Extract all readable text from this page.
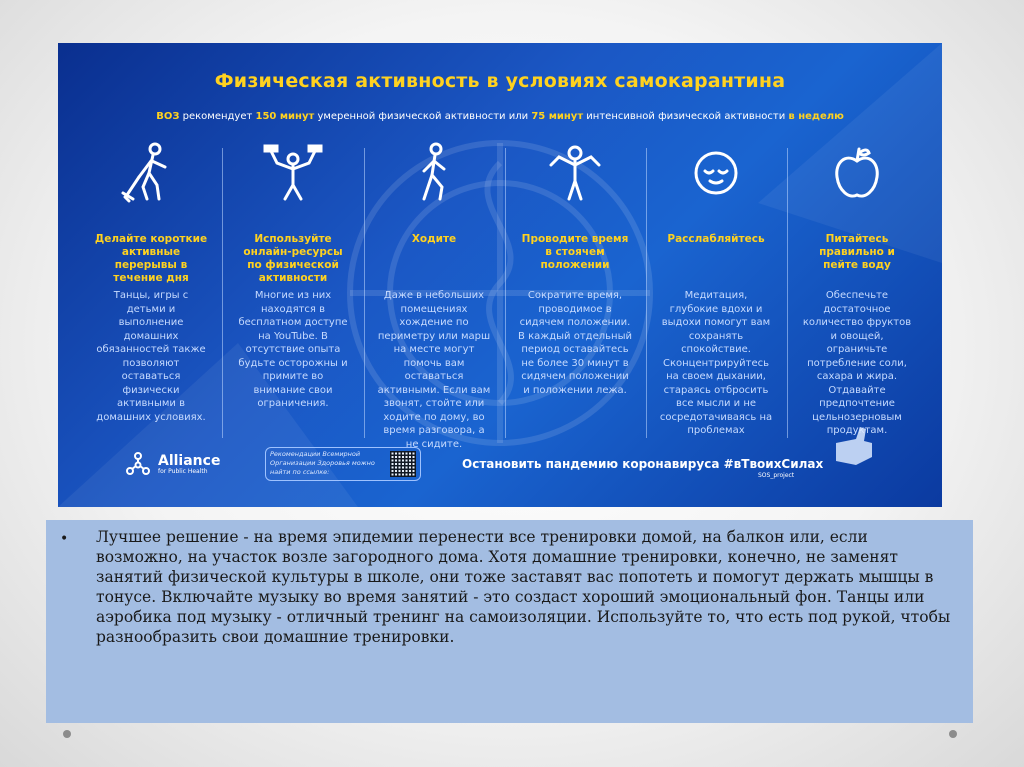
Физическая активность в условиях самокарантина
ВОЗ рекомендует 150 минут умеренной физической активности или 75 минут интенсивной физической активности в неделю
Делайте короткие активные перерывы в течение дня
Танцы, игры с детьми и выполнение домашних обязанностей также позволяют оставаться физически активными в домашних условиях.
Используйте онлайн-ресурсы по физической активности
Многие из них находятся в бесплатном доступе на YouTube. В отсутствие опыта будьте осторожны и примите во внимание свои ограничения.
Ходите
Даже в небольших помещениях хождение по периметру или марш на месте могут помочь вам оставаться активными. Если вам звонят, стойте или ходите по дому, во время разговора, а не сидите.
Проводите время в стоячем положении
Сократите время, проводимое в сидячем положении. В каждый отдельный период оставайтесь не более 30 минут в сидячем положении и положении лежа.
Расслабляйтесь
Медитация, глубокие вдохи и выдохи помогут вам сохранять спокойствие. Сконцентрируйтесь на своем дыхании, стараясь отбросить все мысли и не сосредотачиваясь на проблемах
Питайтесь правильно и пейте воду
Обеспечьте достаточное количество фруктов и овощей, ограничьте потребление соли, сахара и жира. Отдавайте предпочтение цельнозерновым продуктам.
Alliance
for Public Health
Рекомендации Всемирной Организации Здоровья можно найти по ссылке:
Остановить пандемию коронавируса #вТвоихСилах
SOS_project
• Лучшее решение - на время эпидемии перенести все тренировки домой, на балкон или, если возможно, на участок возле загородного дома. Хотя домашние тренировки, конечно, не заменят занятий физической культуры в школе, они тоже заставят вас попотеть и помогут держать мышцы в тонусе. Включайте музыку во время занятий - это создаст хороший эмоциональный фон. Танцы или аэробика под музыку - отличный тренинг на самоизоляции. Используйте то, что есть под рукой, чтобы разнообразить свои домашние тренировки.
